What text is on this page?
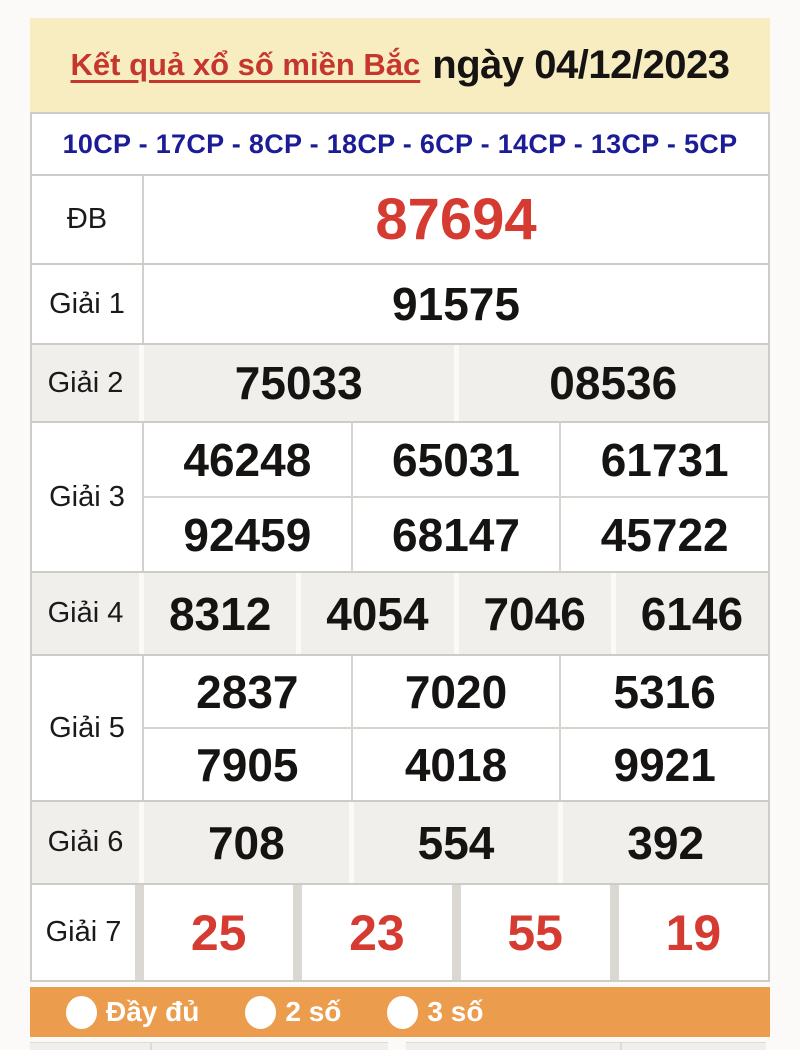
Kết quả xổ số miền Bắc ngày 04/12/2023
10CP - 17CP - 8CP - 18CP - 6CP - 14CP - 13CP - 5CP
ĐB	87694
Giải 1	91575
Giải 2	75033	08536
Giải 3
46248	65031	61731
92459	68147	45722
Giải 4 8312	4054	7046	6146
Giải 5
2837	7020	5316
7905	4018	9921
Giải 6	708	554	392
Giải 7	25	23	55	19
Đầy đủ	2 số	3 số
